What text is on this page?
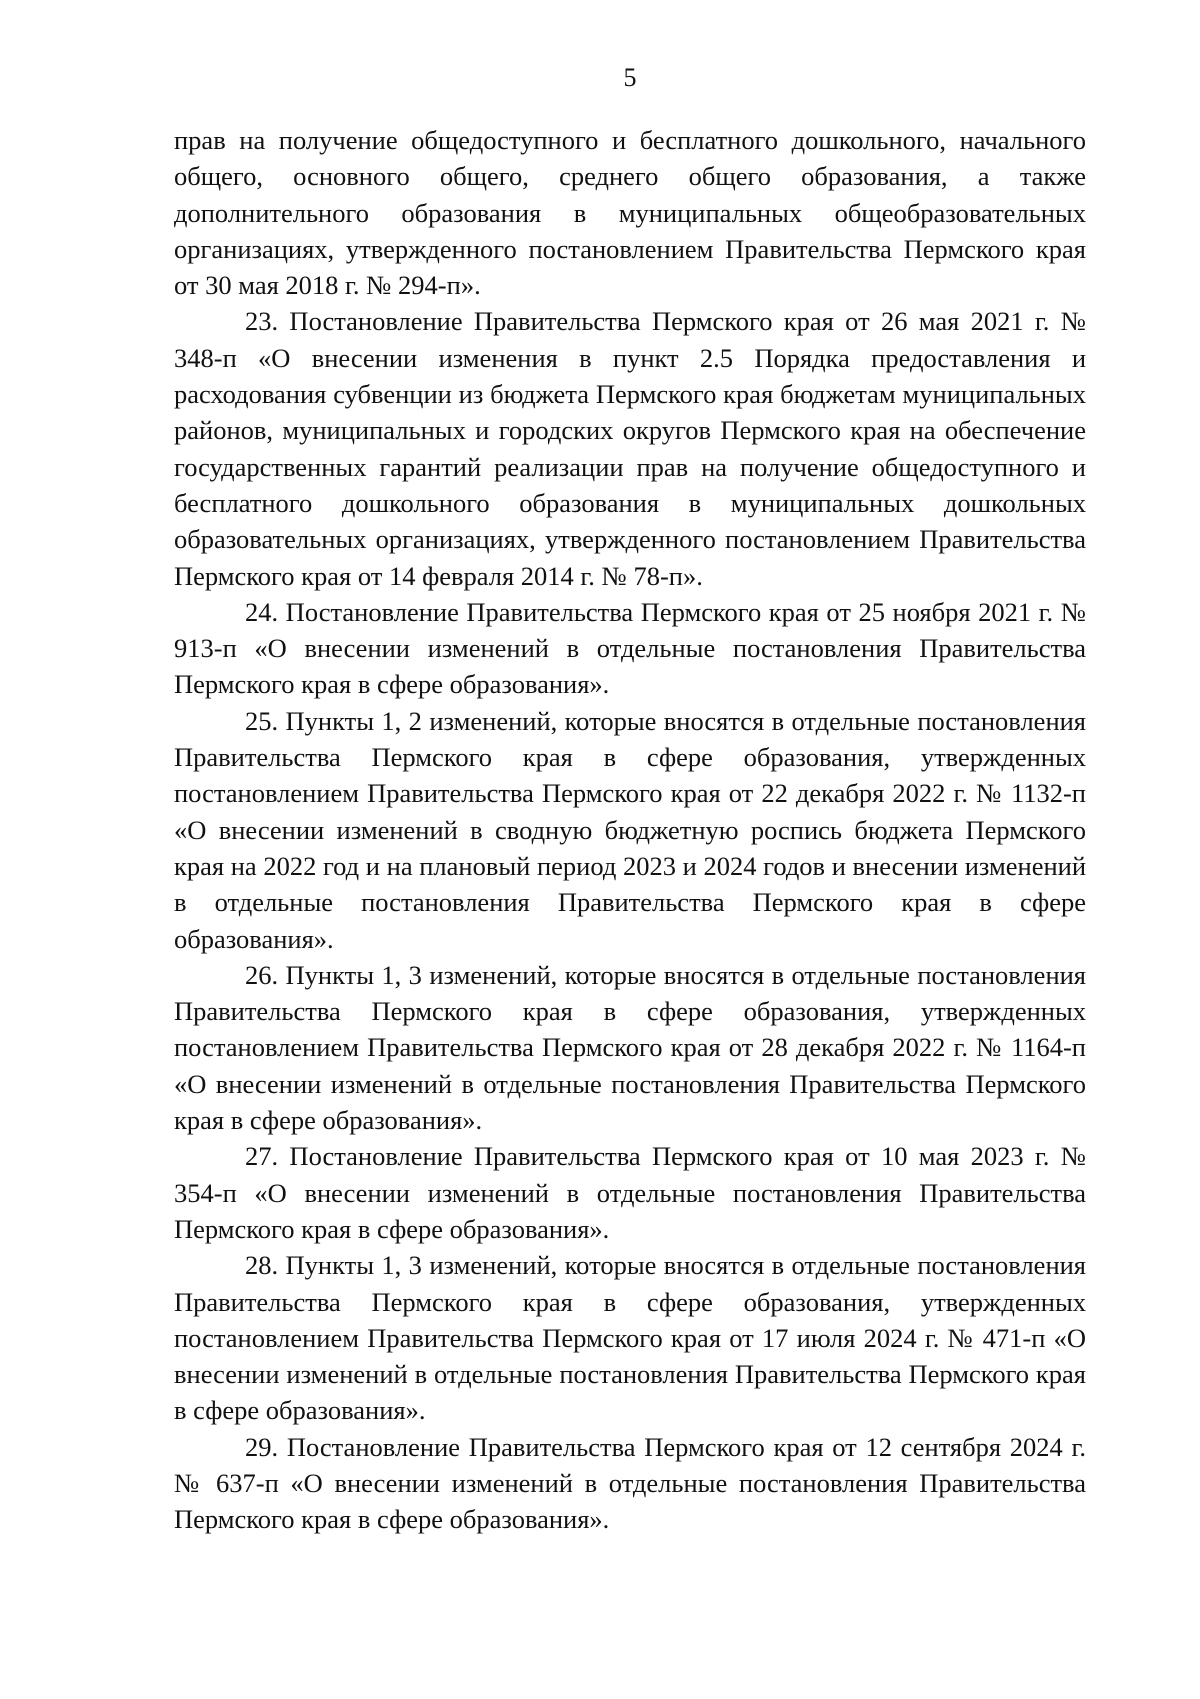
5

прав на получение общедоступного и бесплатного дошкольного, начального общего, основного общего, среднего общего образования, а также дополнительного образования в муниципальных общеобразовательных организациях, утвержденного постановлением Правительства Пермского края от 30 мая 2018 г. № 294-п».

23. Постановление Правительства Пермского края от 26 мая 2021 г. № 348-п «О внесении изменения в пункт 2.5 Порядка предоставления и расходования субвенции из бюджета Пермского края бюджетам муниципальных районов, муниципальных и городских округов Пермского края на обеспечение государственных гарантий реализации прав на получение общедоступного и бесплатного дошкольного образования в муниципальных дошкольных образовательных организациях, утвержденного постановлением Правительства Пермского края от 14 февраля 2014 г. № 78-п».

24. Постановление Правительства Пермского края от 25 ноября 2021 г. № 913-п «О внесении изменений в отдельные постановления Правительства Пермского края в сфере образования».

25. Пункты 1, 2 изменений, которые вносятся в отдельные постановления Правительства Пермского края в сфере образования, утвержденных постановлением Правительства Пермского края от 22 декабря 2022 г. № 1132-п «О внесении изменений в сводную бюджетную роспись бюджета Пермского края на 2022 год и на плановый период 2023 и 2024 годов и внесении изменений в отдельные постановления Правительства Пермского края в сфере образования».

26. Пункты 1, 3 изменений, которые вносятся в отдельные постановления Правительства Пермского края в сфере образования, утвержденных постановлением Правительства Пермского края от 28 декабря 2022 г. № 1164-п «О внесении изменений в отдельные постановления Правительства Пермского края в сфере образования».

27. Постановление Правительства Пермского края от 10 мая 2023 г. № 354-п «О внесении изменений в отдельные постановления Правительства Пермского края в сфере образования».

28. Пункты 1, 3 изменений, которые вносятся в отдельные постановления Правительства Пермского края в сфере образования, утвержденных постановлением Правительства Пермского края от 17 июля 2024 г. № 471-п «О внесении изменений в отдельные постановления Правительства Пермского края в сфере образования».

29. Постановление Правительства Пермского края от 12 сентября 2024 г. № 637-п «О внесении изменений в отдельные постановления Правительства Пермского края в сфере образования».
